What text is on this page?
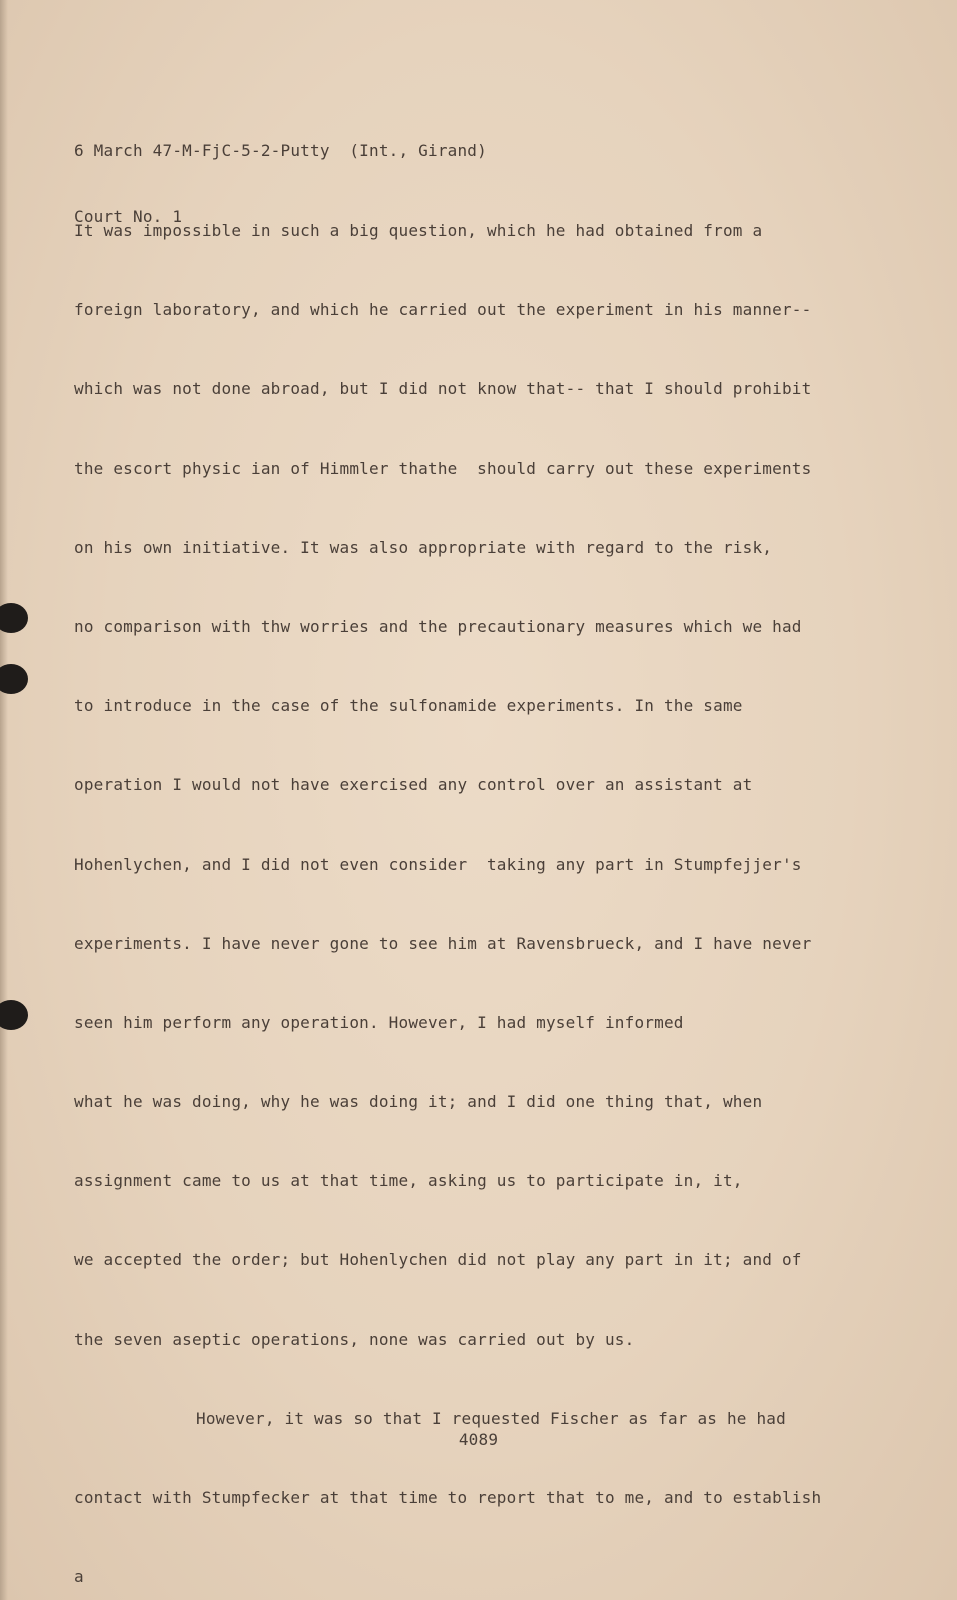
6 March 47-M-FjC-5-2-Putty  (Int., Girand)

Court No. 1

It was impossible in such a big question, which he had obtained from a

foreign laboratory, and which he carried out the experiment in his manner--

which was not done abroad, but I did not know that-- that I should prohibit

the escort physic ian of Himmler thathe  should carry out these experiments

on his own initiative. It was also appropriate with regard to the risk,

no comparison with thw worries and the precautionary measures which we had

to introduce in the case of the sulfonamide experiments. In the same

operation I would not have exercised any control over an assistant at

Hohenlychen, and I did not even consider  taking any part in Stumpfejjer's

experiments. I have never gone to see him at Ravensbrueck, and I have never

seen him perform any operation. However, I had myself informed

what he was doing, why he was doing it; and I did one thing that, when

assignment came to us at that time, asking us to participate in, it,

we accepted the order; but Hohenlychen did not play any part in it; and of

the seven aseptic operations, none was carried out by us.

However, it was so that I requested Fischer as far as he had

contact with Stumpfecker at that time to report that to me, and to establish

a

4089
